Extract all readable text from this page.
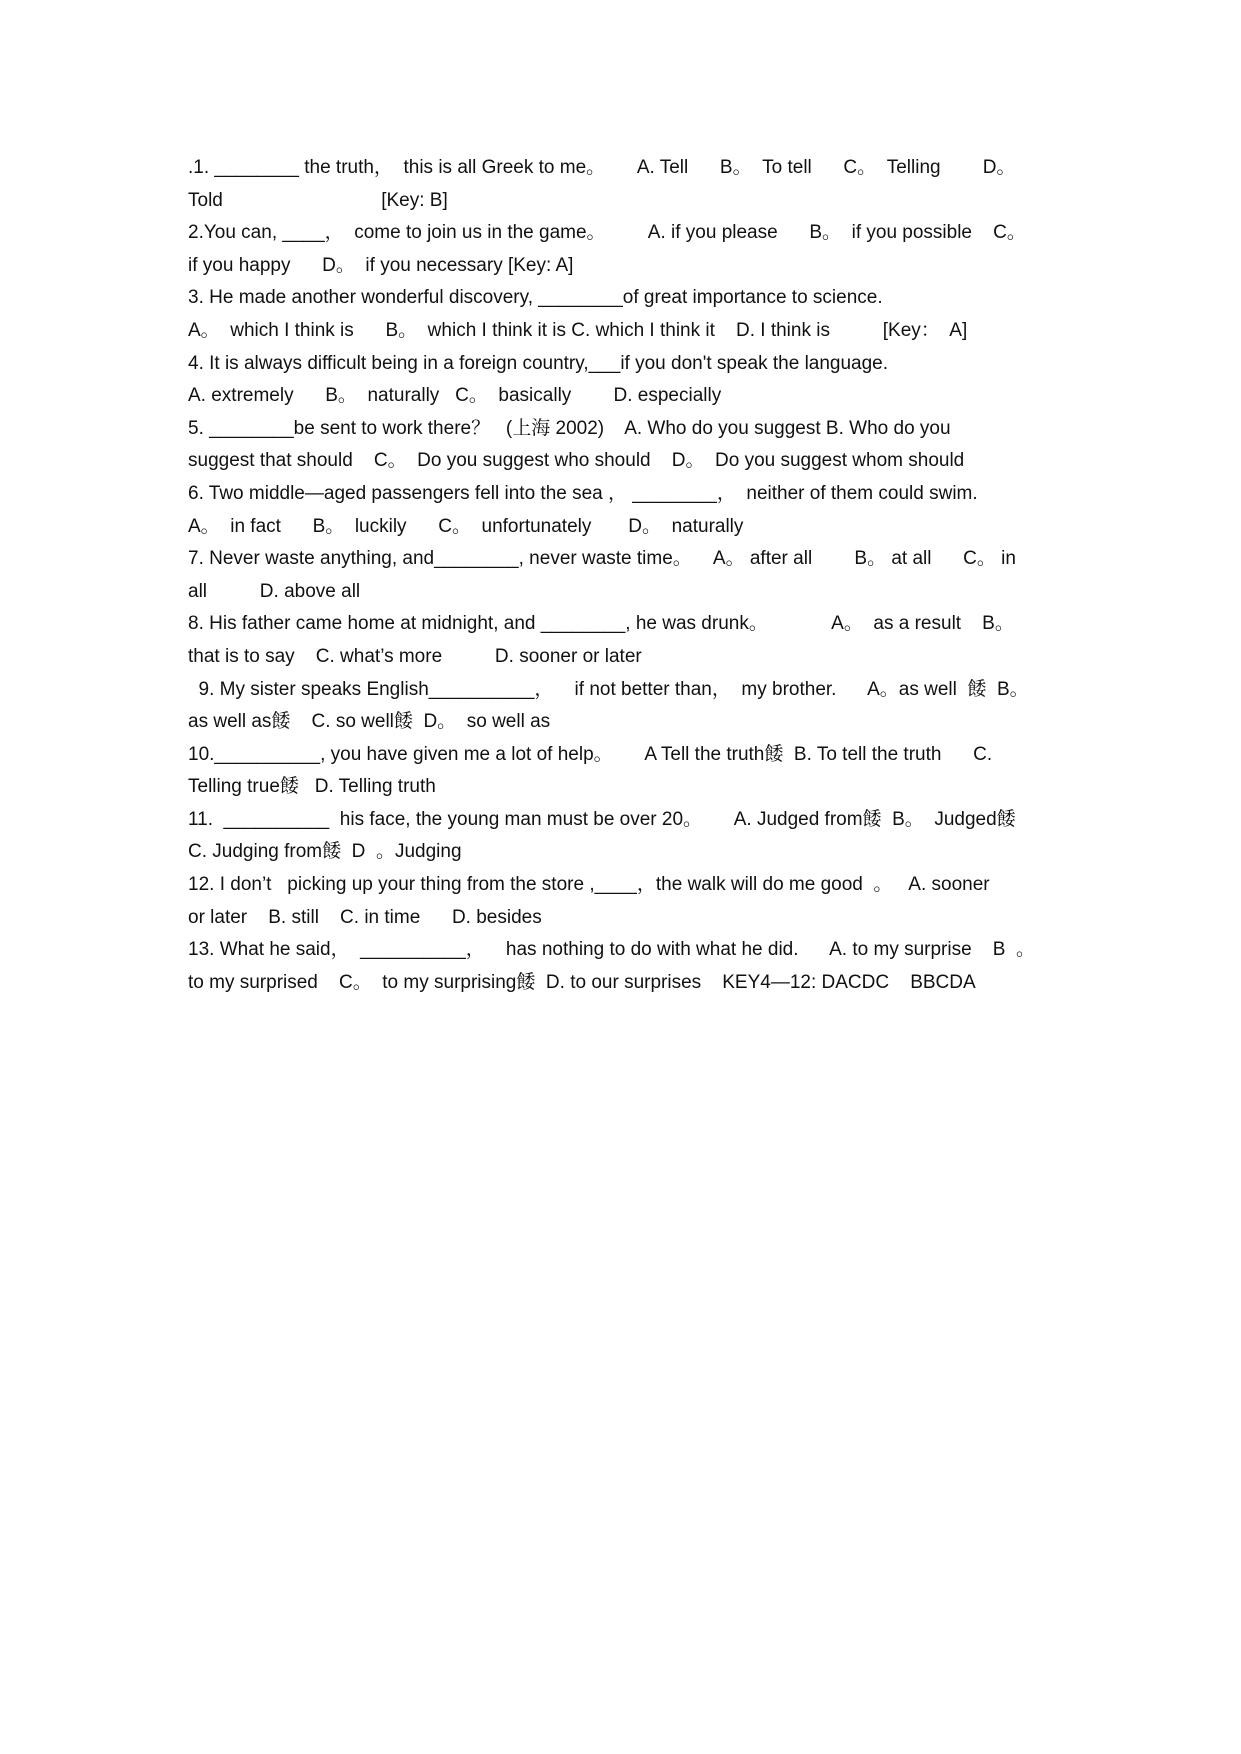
.1. ________ the truth，  this is all Greek to me。      A. Tell      B。  To tell      C。  Telling        D。
Told                              [Key: B]
2.You can, ____，  come to join us in the game。        A. if you please      B。  if you possible    C。
if you happy      D。  if you necessary [Key: A]
3. He made another wonderful discovery, ________of great importance to science.
A。  which I think is      B。  which I think it is C. which I think it    D. I think is          [Key：  A]
4. It is always difficult being in a foreign country,___if you don't speak the language.
A. extremely      B。  naturally   C。  basically        D. especially
5. ________be sent to work there？   (上海 2002)    A. Who do you suggest B. Who do you
suggest that should    C。  Do you suggest who should    D。  Do you suggest whom should
6. Two middle—aged passengers fell into the sea ， ________，  neither of them could swim.
A。  in fact      B。  luckily      C。  unfortunately       D。  naturally
7. Never waste anything, and________, never waste time。    A。 after all        B。 at all      C。 in
all          D. above all
8. His father came home at midnight, and ________, he was drunk。            A。  as a result    B。
that is to say    C. what’s more          D. sooner or later
9. My sister speaks English__________，    if not better than，  my brother.      A。as well  餧  B。
as well as餧    C. so well餧  D。  so well as
10.__________, you have given me a lot of help。      A Tell the truth餧  B. To tell the truth      C.
Telling true餧   D. Telling truth
11.  __________  his face, the young man must be over 20。      A. Judged from餧  B。  Judged餧
C. Judging from餧  D  。Judging
12. I don’t   picking up your thing from the store ,____，the walk will do me good  。   A. sooner
or later    B. still    C. in time      D. besides
13. What he said，  __________，    has nothing to do with what he did.      A. to my surprise    B  。
to my surprised    C。  to my surprising餧  D. to our surprises    KEY4—12: DACDC    BBCDA
